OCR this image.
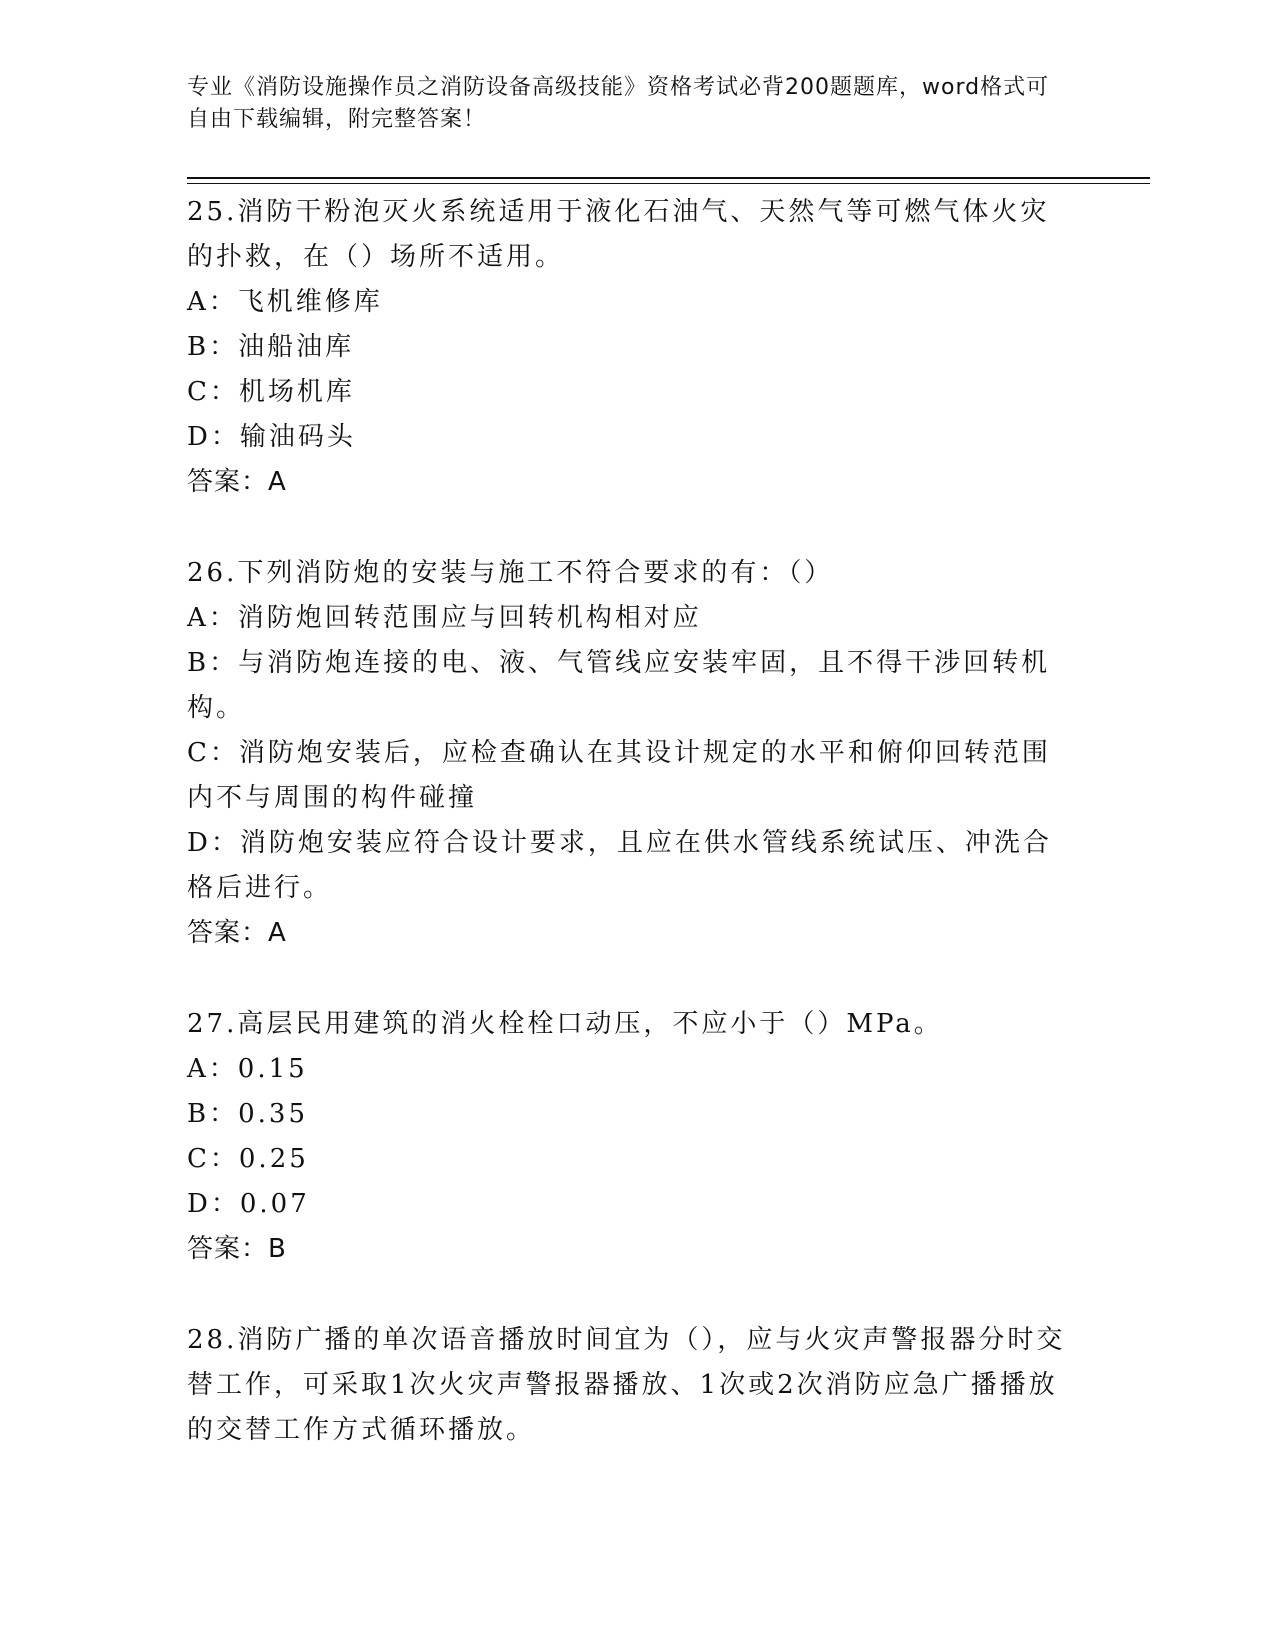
专业《消防设施操作员之消防设备高级技能》资格考试必背200题题库，word格式可自由下载编辑，附完整答案！

25.消防干粉泡灭火系统适用于液化石油气、天然气等可燃气体火灾的扑救，在（）场所不适用。

A：飞机维修库

B：油船油库

C：机场机库

D：输油码头

答案：A

26.下列消防炮的安装与施工不符合要求的有：（）

A：消防炮回转范围应与回转机构相对应

B：与消防炮连接的电、液、气管线应安装牢固，且不得干涉回转机构。

C：消防炮安装后，应检查确认在其设计规定的水平和俯仰回转范围内不与周围的构件碰撞

D：消防炮安装应符合设计要求，且应在供水管线系统试压、冲洗合格后进行。

答案：A

27.高层民用建筑的消火栓栓口动压，不应小于（）MPa。

A：0.15

B：0.35

C：0.25

D：0.07

答案：B

28.消防广播的单次语音播放时间宜为（），应与火灾声警报器分时交替工作，可采取1次火灾声警报器播放、1次或2次消防应急广播播放的交替工作方式循环播放。
